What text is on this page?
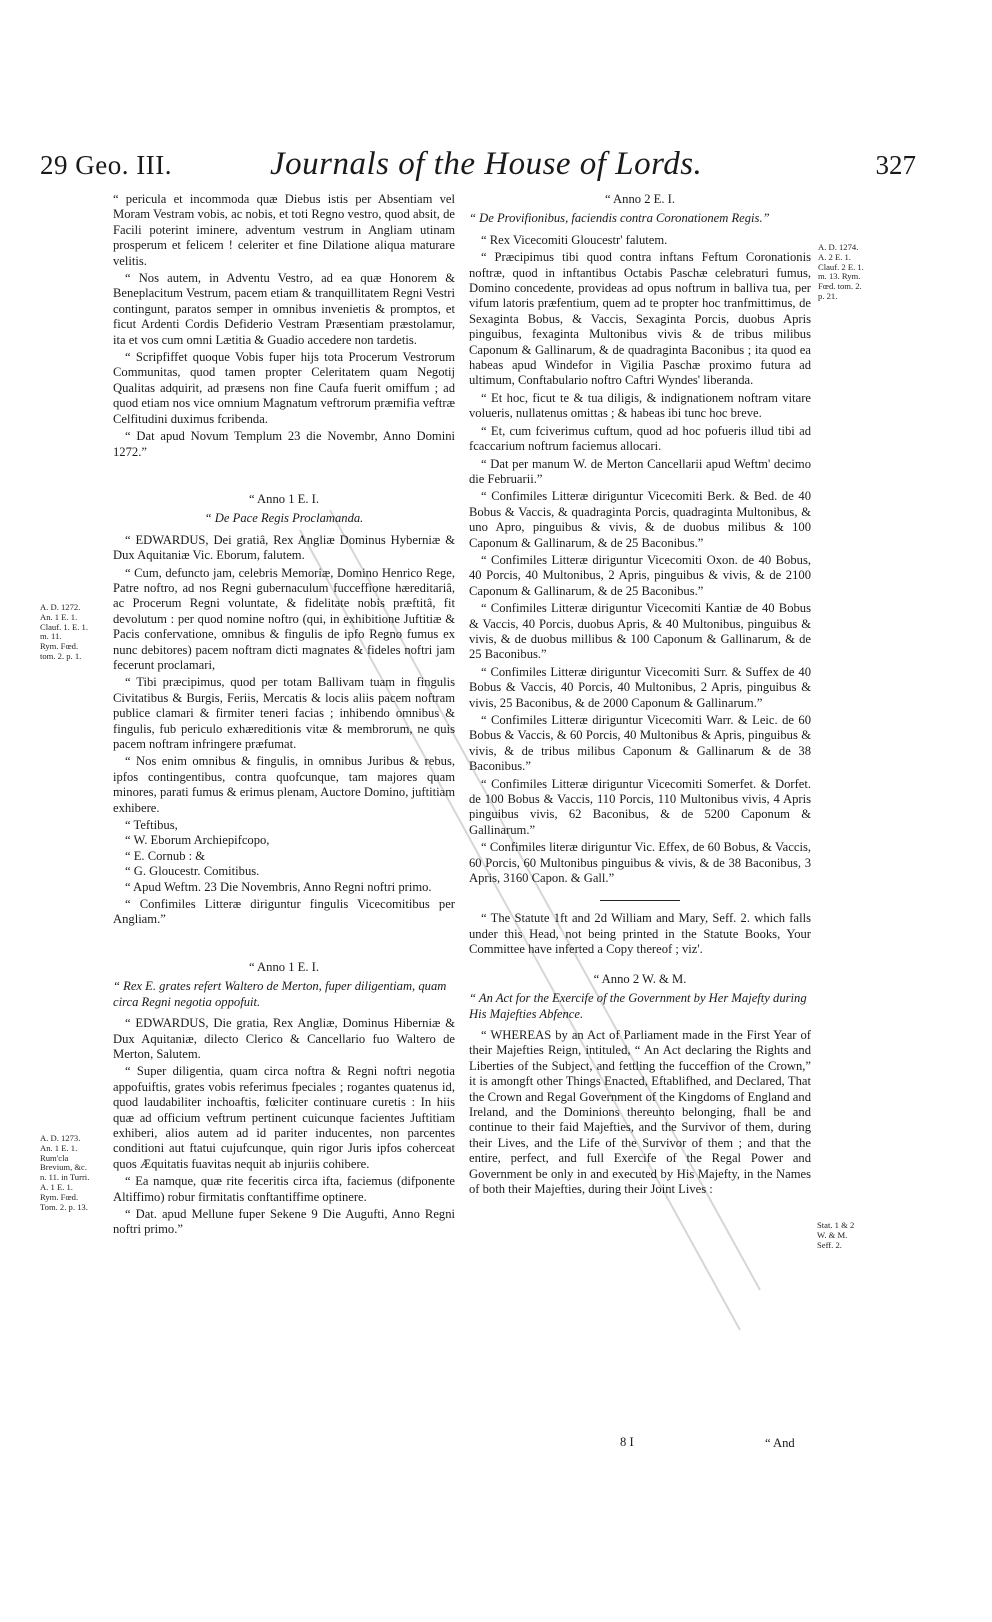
29 Geo. III.	Journals of the House of Lords.	327

“ pericula et incommoda quæ Diebus istis per Absentiam vel Moram Vestram vobis, ac nobis, et toti Regno vestro, quod absit, de Facili poterint iminere, adventum vestrum in Angliam utinam prosperum et felicem ! celeriter et fine Dilatione aliqua maturare velitis.

“ Nos autem, in Adventu Vestro, ad ea quæ Honorem & Beneplacitum Vestrum, pacem etiam & tranquillitatem Regni Vestri contingunt, paratos semper in omnibus invenietis & promptos, et ficut Ardenti Cordis Defiderio Vestram Præsentiam præstolamur, ita et vos cum omni Lætitia & Guadio accedere non tardetis.

“ Scripfiffet quoque Vobis fuper hijs tota Procerum Vestrorum Communitas, quod tamen propter Celeritatem quam Negotij Qualitas adquirit, ad præsens non fine Caufa fuerit omiffum ; ad quod etiam nos vice omnium Magnatum veftrorum præmifia veftræ Celfitudini duximus fcribenda.

“ Dat apud Novum Templum 23 die Novembr, Anno Domini 1272.”

“ Anno 1 E. I.
“ De Pace Regis Proclamanda.

“ EDWARDUS, Dei gratiâ, Rex Angliæ Dominus Hyberniæ & Dux Aquitaniæ Vic. Eborum, falutem.

“ Cum, defuncto jam, celebris Memoriæ, Domino Henrico Rege, Patre noftro, ad nos Regni gubernaculum fucceffione hæreditariâ, ac Procerum Regni voluntate, & fidelitate nobis præftitâ, fit devolutum : per quod nomine noftro (qui, in exhibitione Juftitiæ & Pacis confervatione, omnibus & fingulis de ipfo Regno fumus ex nunc debitores) pacem noftram dicti magnates & fideles noftri jam fecerunt proclamari,

“ Tibi præcipimus, quod per totam Ballivam tuam in fingulis Civitatibus & Burgis, Feriis, Mercatis & locis aliis pacem noftram publice clamari & firmiter teneri facias ; inhibendo omnibus & fingulis, fub periculo exhæreditionis vitæ & membrorum, ne quis pacem noftram infringere præfumat.

“ Nos enim omnibus & fingulis, in omnibus Juribus & rebus, ipfos contingentibus, contra quofcunque, tam majores quam minores, parati fumus & erimus plenam, Auctore Domino, juftitiam exhibere.

“ Teftibus,

“ W. Eborum Archiepifcopo,

“ E. Cornub : &

“ G. Gloucestr. Comitibus.

“ Apud Weftm. 23 Die Novembris, Anno Regni noftri primo.

“ Confimiles Litteræ diriguntur fingulis Vicecomitibus per Angliam.”

“ Anno 1 E. I.
“ Rex E. grates refert Waltero de Merton, fuper diligentiam, quam circa Regni negotia oppofuit.

“ EDWARDUS, Die gratia, Rex Angliæ, Dominus Hiberniæ & Dux Aquitaniæ, dilecto Clerico & Cancellario fuo Waltero de Merton, Salutem.

“ Super diligentia, quam circa noftra & Regni noftri negotia appofuiftis, grates vobis referimus fpeciales ; rogantes quatenus id, quod laudabiliter inchoaftis, fœliciter continuare curetis : In hiis quæ ad officium veftrum pertinent cuicunque facientes Juftitiam exhiberi, alios autem ad id pariter inducentes, non parcentes conditioni aut ftatui cujufcunque, quin rigor Juris ipfos coherceat quos Æquitatis fuavitas nequit ab injuriis cohibere.

“ Ea namque, quæ rite feceritis circa ifta, faciemus (difponente Altiffimo) robur firmitatis conftantiffime optinere.

“ Dat. apud Mellune fuper Sekene 9 Die Augufti, Anno Regni noftri primo.”

“ Anno 2 E. I.
“ De Provifionibus, faciendis contra Coronationem Regis.”

“ Rex Vicecomiti Gloucestr' falutem.

“ Præcipimus tibi quod contra inftans Feftum Coronationis noftræ, quod in inftantibus Octabis Paschæ celebraturi fumus, Domino concedente, provideas ad opus noftrum in balliva tua, per vifum latoris præfentium, quem ad te propter hoc tranfmittimus, de Sexaginta Bobus, & Vaccis, Sexaginta Porcis, duobus Apris pinguibus, fexaginta Multonibus vivis & de tribus milibus Caponum & Gallinarum, & de quadraginta Baconibus ; ita quod ea habeas apud Windefor in Vigilia Paschæ proximo futura ad ultimum, Conftabulario noftro Caftri Wyndes' liberanda.

“ Et hoc, ficut te & tua diligis, & indignationem noftram vitare volueris, nullatenus omittas ; & habeas ibi tunc hoc breve.

“ Et, cum fciverimus cuftum, quod ad hoc pofueris illud tibi ad fcaccarium noftrum faciemus allocari.

“ Dat per manum W. de Merton Cancellarii apud Weftm' decimo die Februarii.”

“ Confimiles Litteræ diriguntur Vicecomiti Berk. & Bed. de 40 Bobus & Vaccis, & quadraginta Porcis, quadraginta Multonibus, & uno Apro, pinguibus & vivis, & de duobus milibus & 100 Caponum & Gallinarum, & de 25 Baconibus.”

“ Confimiles Litteræ diriguntur Vicecomiti Oxon. de 40 Bobus, 40 Porcis, 40 Multonibus, 2 Apris, pinguibus & vivis, & de 2100 Caponum & Gallinarum, & de 25 Baconibus.”

“ Confimiles Litteræ diriguntur Vicecomiti Kantiæ de 40 Bobus & Vaccis, 40 Porcis, duobus Apris, & 40 Multonibus, pinguibus & vivis, & de duobus millibus & 100 Caponum & Gallinarum, & de 25 Baconibus.”

“ Confimiles Litteræ diriguntur Vicecomiti Surr. & Suffex de 40 Bobus & Vaccis, 40 Porcis, 40 Multonibus, 2 Apris, pinguibus & vivis, 25 Baconibus, & de 2000 Caponum & Gallinarum.”

“ Confimiles Litteræ diriguntur Vicecomiti Warr. & Leic. de 60 Bobus & Vaccis, & 60 Porcis, 40 Multonibus & Apris, pinguibus & vivis, & de tribus milibus Caponum & Gallinarum & de 38 Baconibus.”

“ Confimiles Litteræ diriguntur Vicecomiti Somerfet. & Dorfet. de 100 Bobus & Vaccis, 110 Porcis, 110 Multonibus vivis, 4 Apris pinguibus vivis, 62 Baconibus, & de 5200 Caponum & Gallinarum.”

“ Confimiles literæ diriguntur Vic. Effex, de 60 Bobus, & Vaccis, 60 Porcis, 60 Multonibus pinguibus & vivis, & de 38 Baconibus, 3 Apris, 3160 Capon. & Gall.”

“ The Statute 1ft and 2d William and Mary, Seff. 2. which falls under this Head, not being printed in the Statute Books, Your Committee have inferted a Copy thereof ; viz'.

“ Anno 2 W. & M.
“ An Act for the Exercife of the Government by Her Majefty during His Majefties Abfence.

“ WHEREAS by an Act of Parliament made in the First Year of their Majefties Reign, intituled, “ An Act declaring the Rights and Liberties of the Subject, and fettling the fucceffion of the Crown,” it is amongft other Things Enacted, Eftablifhed, and Declared, That the Crown and Regal Government of the Kingdoms of England and Ireland, and the Dominions thereunto belonging, fhall be and continue to their faid Majefties, and the Survivor of them, during their Lives, and the Life of the Survivor of them ; and that the entire, perfect, and full Exercife of the Regal Power and Government be only in and executed by His Majefty, in the Names of both their Majefties, during their Joint Lives :

A. D. 1272.
An. 1 E. 1.
Clauf. 1. E. 1.
m. 11.
Rym. Fœd.
tom. 2. p. 1.
A. D. 1273.
An. 1 E. 1.
Rum'cla Brevium, &c.
n. 11. in Turri.
A. 1 E. 1.
Rym. Fœd.
Tom. 2. p. 13.
A. D. 1274.
A. 2 E. 1.
Clauf. 2 E. 1.
m. 13. Rym.
Fœd. tom. 2.
p. 21.
Stat. 1 & 2
W. & M.
Seff. 2.
8 I	“ And
